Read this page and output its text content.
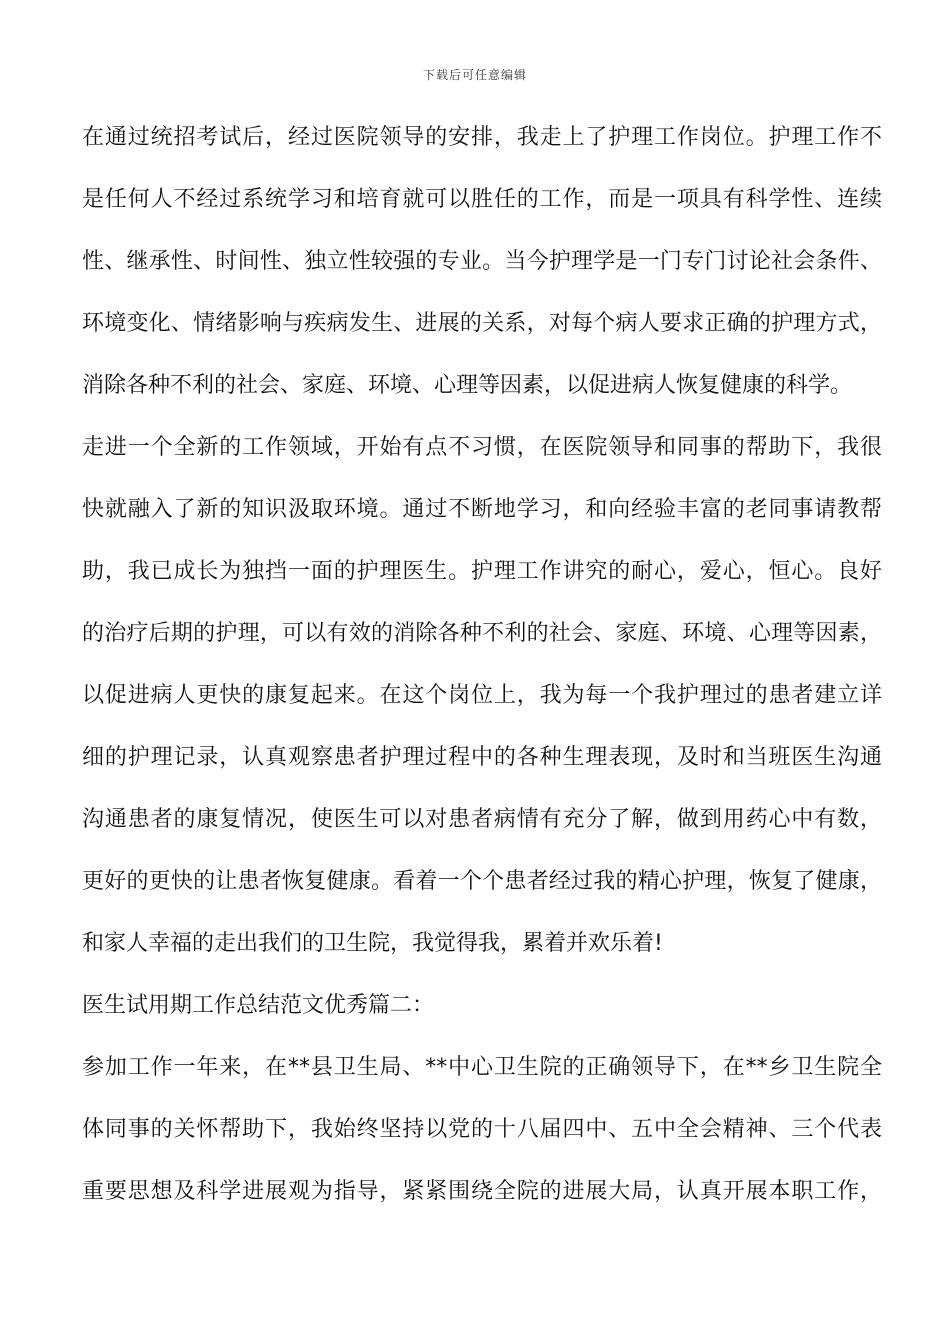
下载后可任意编辑
在通过统招考试后，经过医院领导的安排，我走上了护理工作岗位。护理工作不
是任何人不经过系统学习和培育就可以胜任的工作，而是一项具有科学性、连续
性、继承性、时间性、独立性较强的专业。当今护理学是一门专门讨论社会条件、
环境变化、情绪影响与疾病发生、进展的关系，对每个病人要求正确的护理方式，
消除各种不利的社会、家庭、环境、心理等因素，以促进病人恢复健康的科学。
走进一个全新的工作领域，开始有点不习惯，在医院领导和同事的帮助下，我很
快就融入了新的知识汲取环境。通过不断地学习，和向经验丰富的老同事请教帮
助，我已成长为独挡一面的护理医生。护理工作讲究的耐心，爱心，恒心。良好
的治疗后期的护理，可以有效的消除各种不利的社会、家庭、环境、心理等因素，
以促进病人更快的康复起来。在这个岗位上，我为每一个我护理过的患者建立详
细的护理记录，认真观察患者护理过程中的各种生理表现，及时和当班医生沟通
沟通患者的康复情况，使医生可以对患者病情有充分了解，做到用药心中有数，
更好的更快的让患者恢复健康。看着一个个患者经过我的精心护理，恢复了健康，
和家人幸福的走出我们的卫生院，我觉得我，累着并欢乐着!
医生试用期工作总结范文优秀篇二：
参加工作一年来，在**县卫生局、**中心卫生院的正确领导下，在**乡卫生院全
体同事的关怀帮助下，我始终坚持以党的十八届四中、五中全会精神、三个代表
重要思想及科学进展观为指导，紧紧围绕全院的进展大局，认真开展本职工作，
